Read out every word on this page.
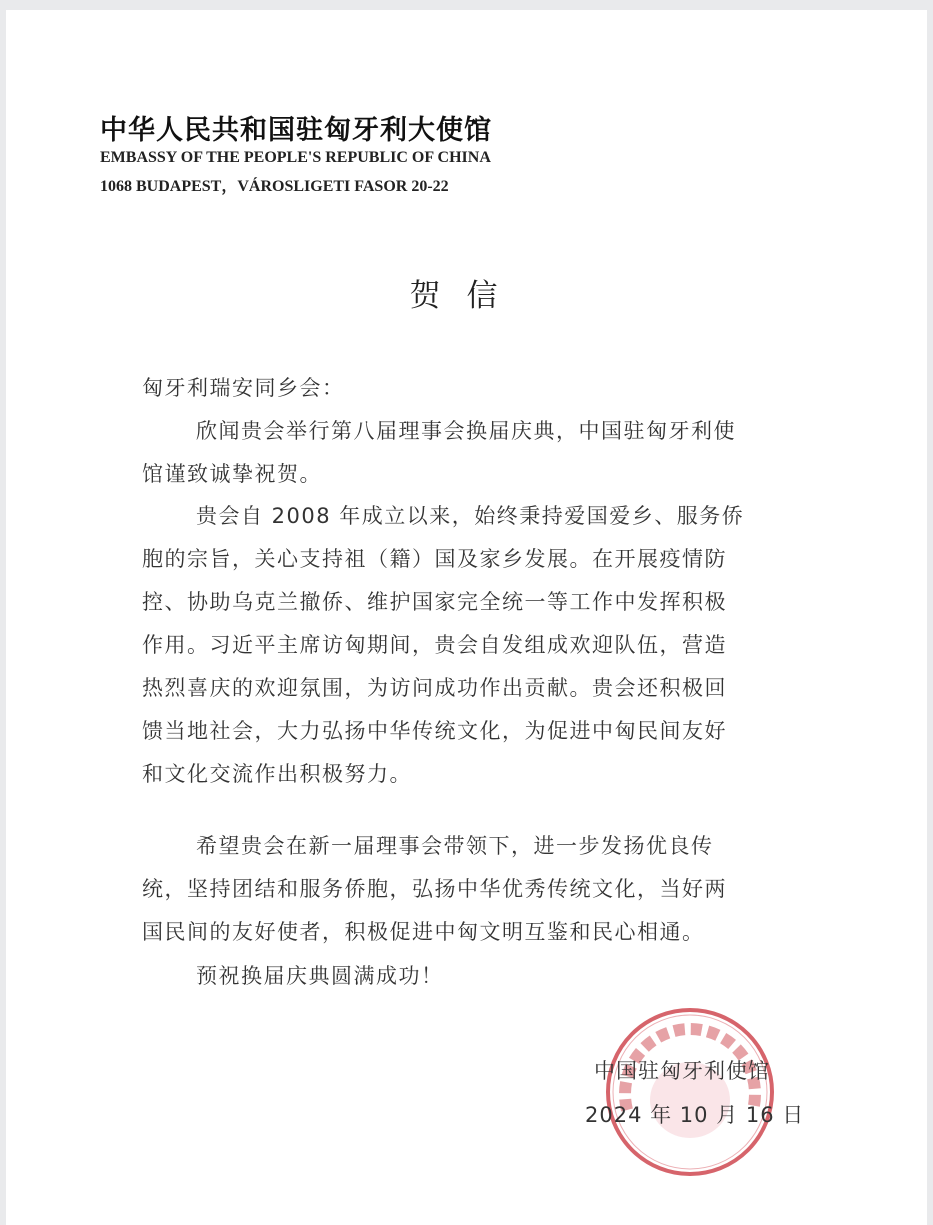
中华人民共和国驻匈牙利大使馆
EMBASSY OF THE PEOPLE'S REPUBLIC OF CHINA
1068 BUDAPEST，VÁROSLIGETI FASOR 20-22
贺信
匈牙利瑞安同乡会：
欣闻贵会举行第八届理事会换届庆典，中国驻匈牙利使
馆谨致诚挚祝贺。
贵会自 2008 年成立以来，始终秉持爱国爱乡、服务侨
胞的宗旨，关心支持祖（籍）国及家乡发展。在开展疫情防
控、协助乌克兰撤侨、维护国家完全统一等工作中发挥积极
作用。习近平主席访匈期间，贵会自发组成欢迎队伍，营造
热烈喜庆的欢迎氛围，为访问成功作出贡献。贵会还积极回
馈当地社会，大力弘扬中华传统文化，为促进中匈民间友好
和文化交流作出积极努力。
希望贵会在新一届理事会带领下，进一步发扬优良传
统，坚持团结和服务侨胞，弘扬中华优秀传统文化，当好两
国民间的友好使者，积极促进中匈文明互鉴和民心相通。
预祝换届庆典圆满成功！
中国驻匈牙利使馆
2024 年 10 月 16 日
